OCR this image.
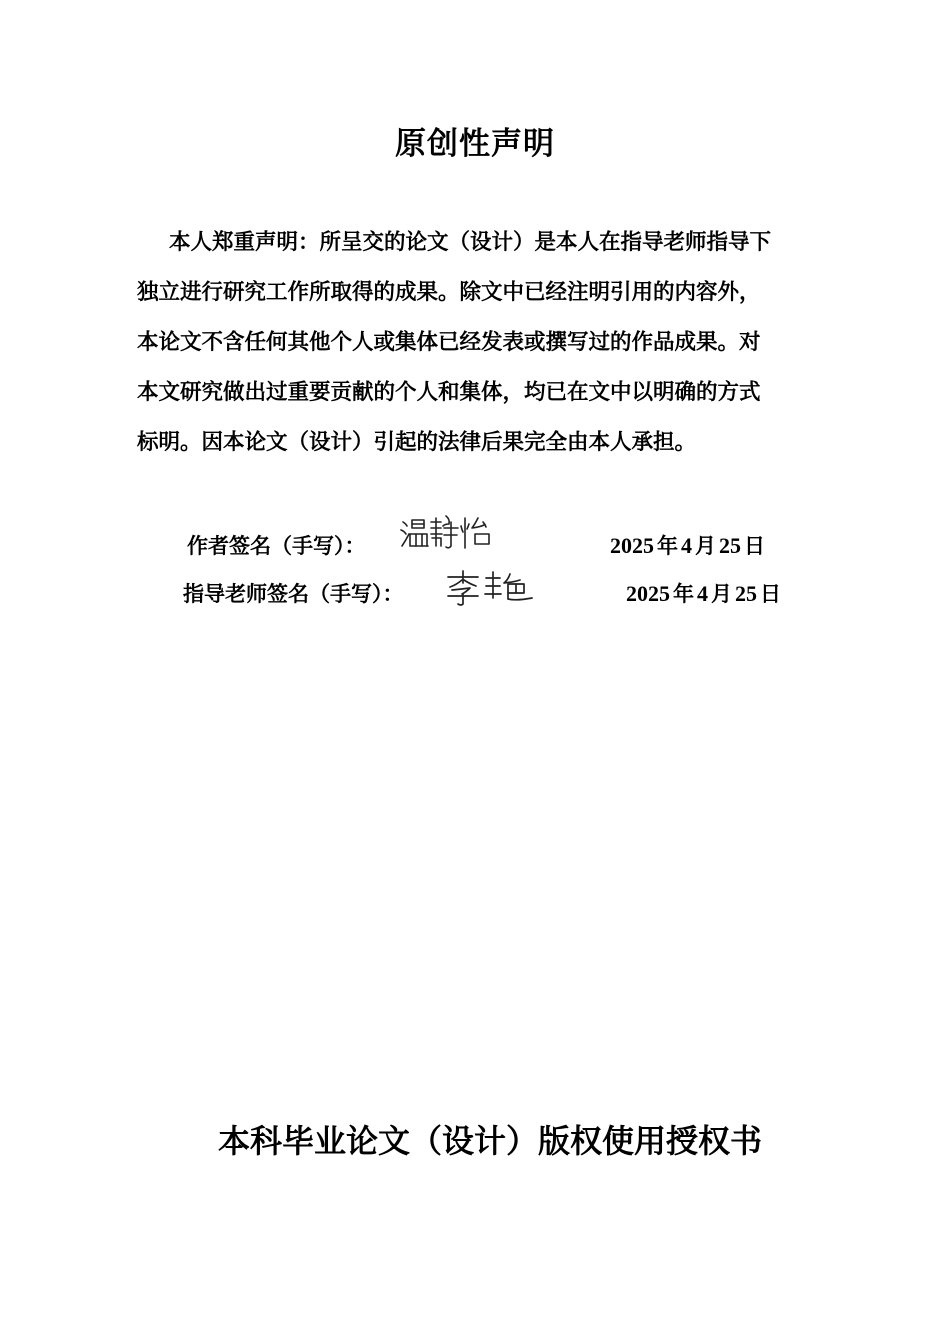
原创性声明

本人郑重声明：所呈交的论文（设计）是本人在指导老师指导下
独立进行研究工作所取得的成果。除文中已经注明引用的内容外，
本论文不含任何其他个人或集体已经发表或撰写过的作品成果。对
本文研究做出过重要贡献的个人和集体，均已在文中以明确的方式
标明。因本论文（设计）引起的法律后果完全由本人承担。

作者签名（手写）：	2025 年 4 月 25 日
指导老师签名（手写）：	2025 年 4 月 25 日
本科毕业论文（设计）版权使用授权书
